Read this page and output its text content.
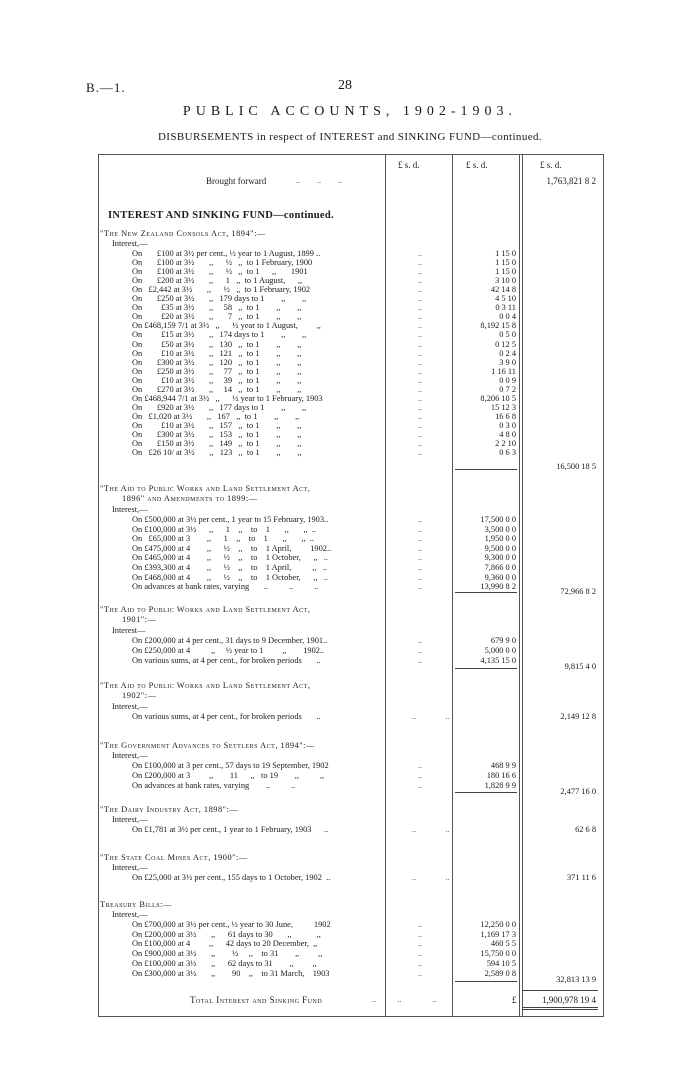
B.—1.	28
PUBLIC ACCOUNTS, 1902-1903.
DISBURSEMENTS in respect of INTEREST and SINKING FUND—continued.
£ s. d.	£ s. d.	£ s. d.
Brought forward	..        ..        ..	1,763,821 8 2
INTEREST AND SINKING FUND—continued.
"The New Zealand Consols Act, 1894":—
Interest,—
On       £100 at 3½ per cent., ½ year to 1 August, 1899 ..	..	1 15 0
On       £100 at 3½       ,,      ½   ,,  to 1 February, 1900	..	1 15 0
On       £100 at 3½       ,,      ½   ,,  to 1      ,,       1901	..	1 15 0
On       £200 at 3½       ,,      1   ,,  to 1 August,      ,,	..	3 10 0
On   £2,442 at 3½       ,,      ½   ,,  to 1 February, 1902	..	42 14 8
On       £250 at 3½       ,,   179 days to 1        ,,        ,,	..	4 5 10
On         £35 at 3½       ,,     58   ,,  to 1        ,,        ,,	..	0 3 11
On         £20 at 3½       ,,       7   ,,  to 1        ,,        ,,	..	0 0 4
On £468,159 7/1 at 3½   ,,      ½ year to 1 August,         ,,	..	8,192 15 8
On         £15 at 3½       ,,   174 days to 1        ,,        ,,	..	0 5 0
On         £50 at 3½       ,,   130   ,,  to 1        ,,        ,,	..	0 12 5
On         £10 at 3½       ,,   121   ,,  to 1        ,,        ,,	..	0 2 4
On       £300 at 3½       ,,   120   ,,  to 1        ,,        ,,	..	3 9 0
On       £250 at 3½       ,,     77   ,,  to 1        ,,        ,,	..	1 16 11
On         £10 at 3½       ,,     39   ,,  to 1        ,,        ,,	..	0 0 9
On       £270 at 3½       ,,     14   ,,  to 1        ,,        ,,	..	0 7 2
On £468,944 7/1 at 3½   ,,      ½ year to 1 February, 1903	..	8,206 10 5
On       £920 at 3½       ,,   177 days to 1        ,,        ,,	..	15 12 3
On   £1,020 at 3½       ,,   167   ,,  to 1        ,,        ,,	..	16 6 8
On         £10 at 3½       ,,   157   ,,  to 1        ,,        ,,	..	0 3 0
On       £300 at 3½       ,,   153   ,,  to 1        ,,        ,,	..	4 8 0
On       £150 at 3½       ,,   149   ,,  to 1        ,,        ,,	..	2 2 10
On   £26 10/ at 3½       ,,   123   ,,  to 1        ,,        ,,	..	0 6 3
16,500 18 5
"The Aid to Public Works and Land Settlement Act,
1896" and Amendments to 1899:—
Interest,—
On £500,000 at 3½ per cent., 1 year to 15 February, 1903..	..	17,500 0 0
On £100,000 at 3½      ,,      1    ,,    to    1       ,,       ,,  ..	..	3,500 0 0
On   £65,000 at 3        ,,      1    ,,    to    1       ,,       ,,  ..	..	1,950 0 0
On £475,000 at 4        ,,      ½    ,,    to    1 April,         1902..	..	9,500 0 0
On £465,000 at 4        ,,      ½    ,,    to    1 October,      ,,   ..	..	9,300 0 0
On £393,300 at 4        ,,      ½    ,,    to    1 April,          ,,   ..	..	7,866 0 0
On £468,000 at 4        ,,      ½    ,,    to    1 October,      ,,   ..	..	9,360 0 0
On advances at bank rates, varying       ..          ..          ..	..	13,990 8 2
72,966 8 2
"The Aid to Public Works and Land Settlement Act,
1901":—
Interest—
On £200,000 at 4 per cent., 31 days to 9 December, 1901..	..	679 9 0
On £250,000 at 4          ,,     ½ year to 1         ,,        1902..	..	5,000 0 0
On various sums, at 4 per cent., for broken periods       ..	..	4,135 15 0
9,815 4 0
"The Aid to Public Works and Land Settlement Act,
1902":—
Interest,—
On various sums, at 4 per cent., for broken periods       ..	..              ..	2,149 12 8
"The Government Advances to Settlers Act, 1894":—
Interest,—
On £100,000 at 3 per cent., 57 days to 19 September, 1902	..	468 9 9
On £200,000 at 3         ,,        11      ,,   to 19        ,,          ,,	..	180 16 6
On advances at bank rates, varying        ..          ..	..	1,828 9 9
2,477 16 0
"The Dairy Industry Act, 1898":—
Interest,—
On £1,781 at 3½ per cent., 1 year to 1 February, 1903      ..	..              ..	62 6 8
"The State Coal Mines Act, 1900":—
Interest,—
On £25,000 at 3½ per cent., 155 days to 1 October, 1902  ..	..              ..	371 11 6
Treasury Bills:—
Interest,—
On £700,000 at 3½ per cent., ½ year to 30 June,          1902	..	12,250 0 0
On £200,000 at 3½       ,,      61 days to 30       ,,            ,,	..	1,169 17 3
On £100,000 at 4         ,,      42 days to 20 December,  ,,	..	460 5 5
On £900,000 at 3½       ,,        ½     ,,    to 31        ,,         ,,	..	15,750 0 0
On £100,000 at 3½       ,,      62 days to 31        ,,         ,,	..	594 10 5
On £300,000 at 3½       ,,        90    ,,    to 31 March,    1903	..	2,589 0 8
32,813 13 9
Total Interest and Sinking Fund	..          ..               ..	£	1,900,978 19 4
